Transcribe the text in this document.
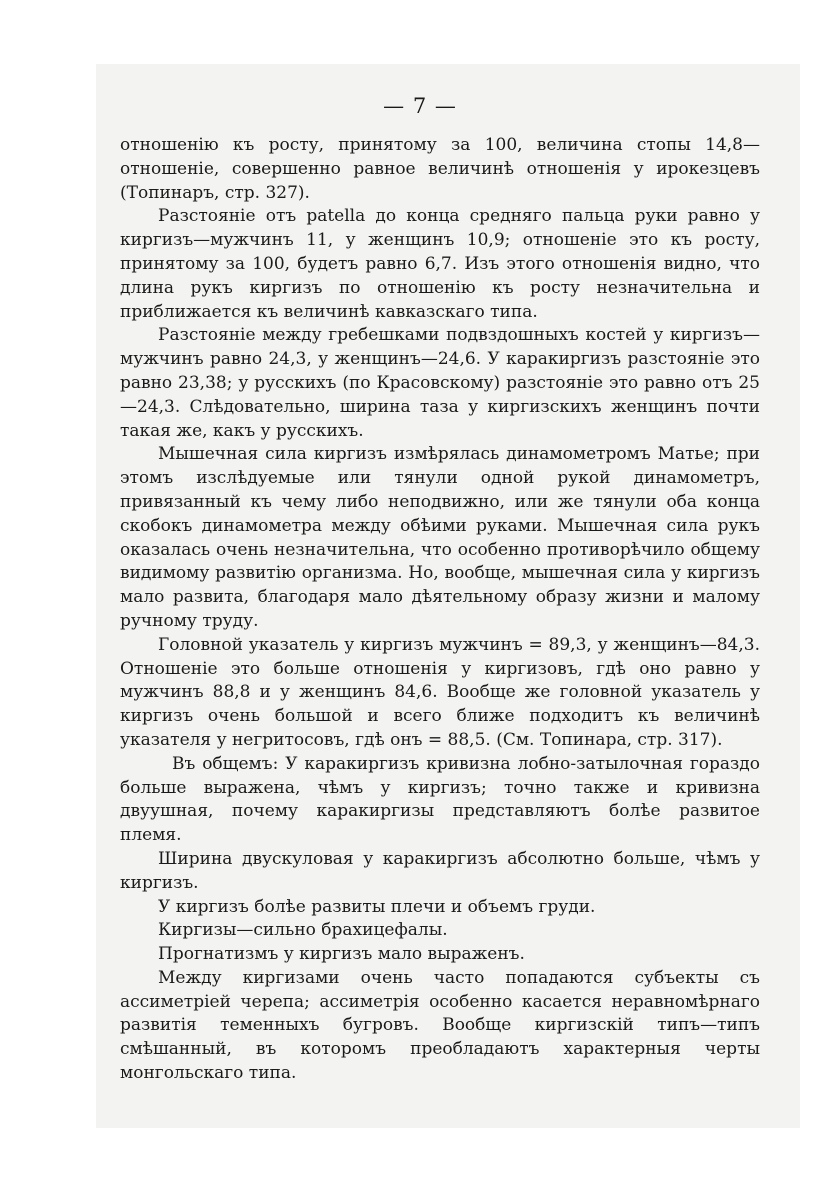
— 7 —

отношенію къ росту, принятому за 100, величина стопы 14,8—отношеніе, совершенно равное величинѣ отношенія у ирокезцевъ (Топинаръ, стр. 327).

Разстояніе отъ patella до конца средняго пальца руки равно у киргизъ—мужчинъ 11, у женщинъ 10,9; отношеніе это къ росту, принятому за 100, будетъ равно 6,7. Изъ этого отношенія видно, что длина рукъ киргизъ по отношенію къ росту незначительна и приближается къ величинѣ кавказскаго типа.

Разстояніе между гребешками подвздошныхъ костей у киргизъ—мужчинъ равно 24,3, у женщинъ—24,6. У каракиргизъ разстояніе это равно 23,38; у русскихъ (по Красовскому) разстояніе это равно отъ 25—24,3. Слѣдовательно, ширина таза у киргизскихъ женщинъ почти такая же, какъ у русскихъ.

Мышечная сила киргизъ измѣрялась динамометромъ Матье; при этомъ изслѣдуемые или тянули одной рукой динамометръ, привязанный къ чему либо неподвижно, или же тянули оба конца скобокъ динамометра между обѣими руками. Мышечная сила рукъ оказалась очень незначительна, что особенно противорѣчило общему видимому развитію организма. Но, вообще, мышечная сила у киргизъ мало развита, благодаря мало дѣятельному образу жизни и малому ручному труду.

Головной указатель у киргизъ мужчинъ = 89,3, у женщинъ—84,3. Отношеніе это больше отношенія у киргизовъ, гдѣ оно равно у мужчинъ 88,8 и у женщинъ 84,6. Вообще же головной указатель у киргизъ очень большой и всего ближе подходитъ къ величинѣ указателя у негритосовъ, гдѣ онъ = 88,5. (См. Топинара, стр. 317).

Въ общемъ: У каракиргизъ кривизна лобно-затылочная гораздо больше выражена, чѣмъ у киргизъ; точно также и кривизна двуушная, почему каракиргизы представляютъ болѣе развитое племя.

Ширина двускуловая у каракиргизъ абсолютно больше, чѣмъ у киргизъ.

У киргизъ болѣе развиты плечи и объемъ груди.

Киргизы—сильно брахицефалы.

Прогнатизмъ у киргизъ мало выраженъ.

Между киргизами очень часто попадаются субъекты съ ассиметріей черепа; ассиметрія особенно касается неравномѣрнаго развитія теменныхъ бугровъ. Вообще киргизскій типъ—типъ смѣшанный, въ которомъ преобладаютъ характерныя черты монгольскаго типа.
